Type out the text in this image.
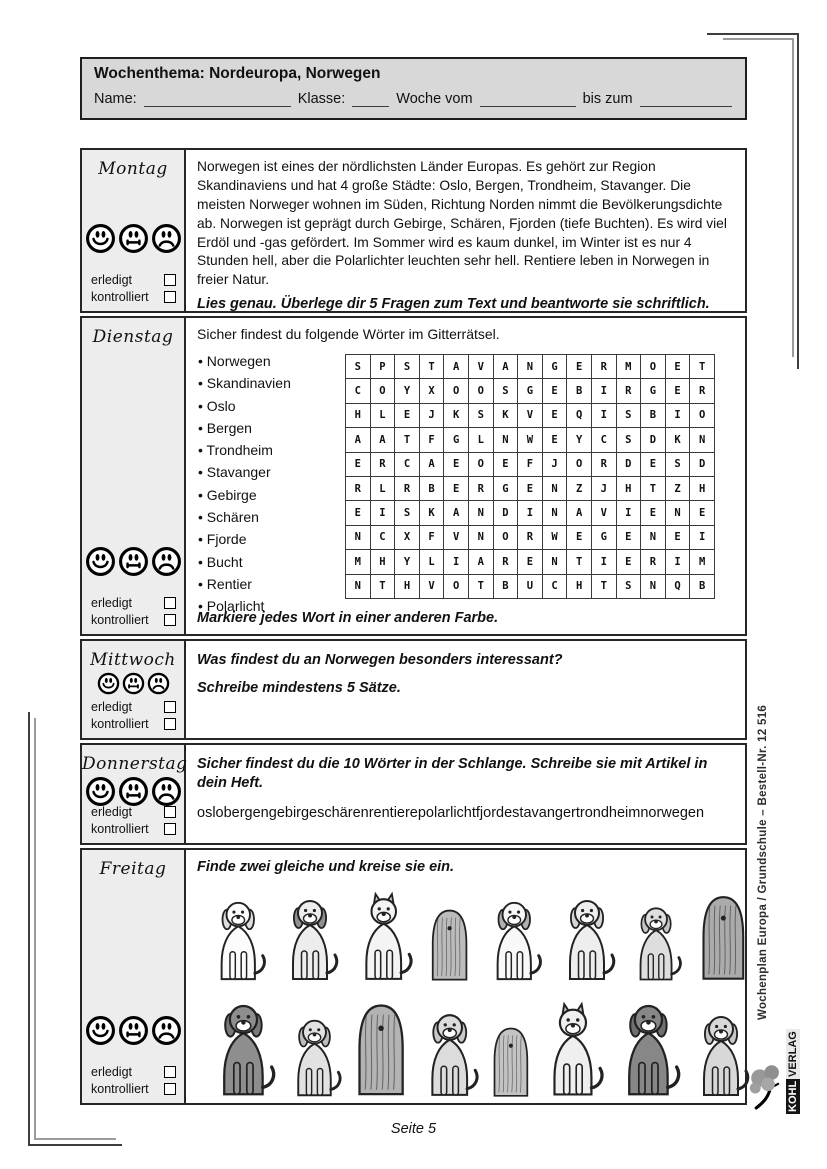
Wochenthema: Nordeuropa, Norwegen
Name:	Klasse:	Woche vom	bis zum
Montag
erledigt
kontrolliert

Norwegen ist eines der nördlichsten Länder Europas. Es gehört zur Region Skandinaviens und hat 4 große Städte: Oslo, Bergen, Trondheim, Stavanger. Die meisten Norweger wohnen im Süden, Richtung Norden nimmt die Bevölkerungsdichte ab. Norwegen ist geprägt durch Gebirge, Schären, Fjorden (tiefe Buchten). Es wird viel Erdöl und -gas gefördert. Im Sommer wird es kaum dunkel, im Winter ist es nur 4 Stunden hell, aber die Polarlichter leuchten sehr hell. Rentiere leben in Norwegen in freier Natur.

Lies genau. Überlege dir 5 Fragen zum Text und beantworte sie schriftlich.

Dienstag
erledigt
kontrolliert

Sicher findest du folgende Wörter im Gitterrätsel.

• Norwegen
• Skandinavien
• Oslo
• Bergen
• Trondheim
• Stavanger
• Gebirge
• Schären
• Fjorde
• Bucht
• Rentier
• Polarlicht
S	P	S	T	A	V	A	N	G	E	R	M	O	E	T
C	O	Y	X	O	O	S	G	E	B	I	R	G	E	R
H	L	E	J	K	S	K	V	E	Q	I	S	B	I	O
A	A	T	F	G	L	N	W	E	Y	C	S	D	K	N
E	R	C	A	E	O	E	F	J	O	R	D	E	S	D
R	L	R	B	E	R	G	E	N	Z	J	H	T	Z	H
E	I	S	K	A	N	D	I	N	A	V	I	E	N	E
N	C	X	F	V	N	O	R	W	E	G	E	N	E	I
M	H	Y	L	I	A	R	E	N	T	I	E	R	I	M
N	T	H	V	O	T	B	U	C	H	T	S	N	Q	B

Markiere jedes Wort in einer anderen Farbe.

Mittwoch
erledigt
kontrolliert

Was findest du an Norwegen besonders interessant?

Schreibe mindestens 5 Sätze.

Donnerstag
erledigt
kontrolliert

Sicher findest du die 10 Wörter in der Schlange. Schreibe sie mit Artikel in dein Heft.

oslobergengebirgeschärenrentierepolarlichtfjordestavangertrondheimnorwegen

Freitag
erledigt
kontrolliert

Finde zwei gleiche und kreise sie ein.	Wochenplan Europa / Grundschule – Bestell-Nr. 12 516
KOHL
VERLAG
Seite 5
